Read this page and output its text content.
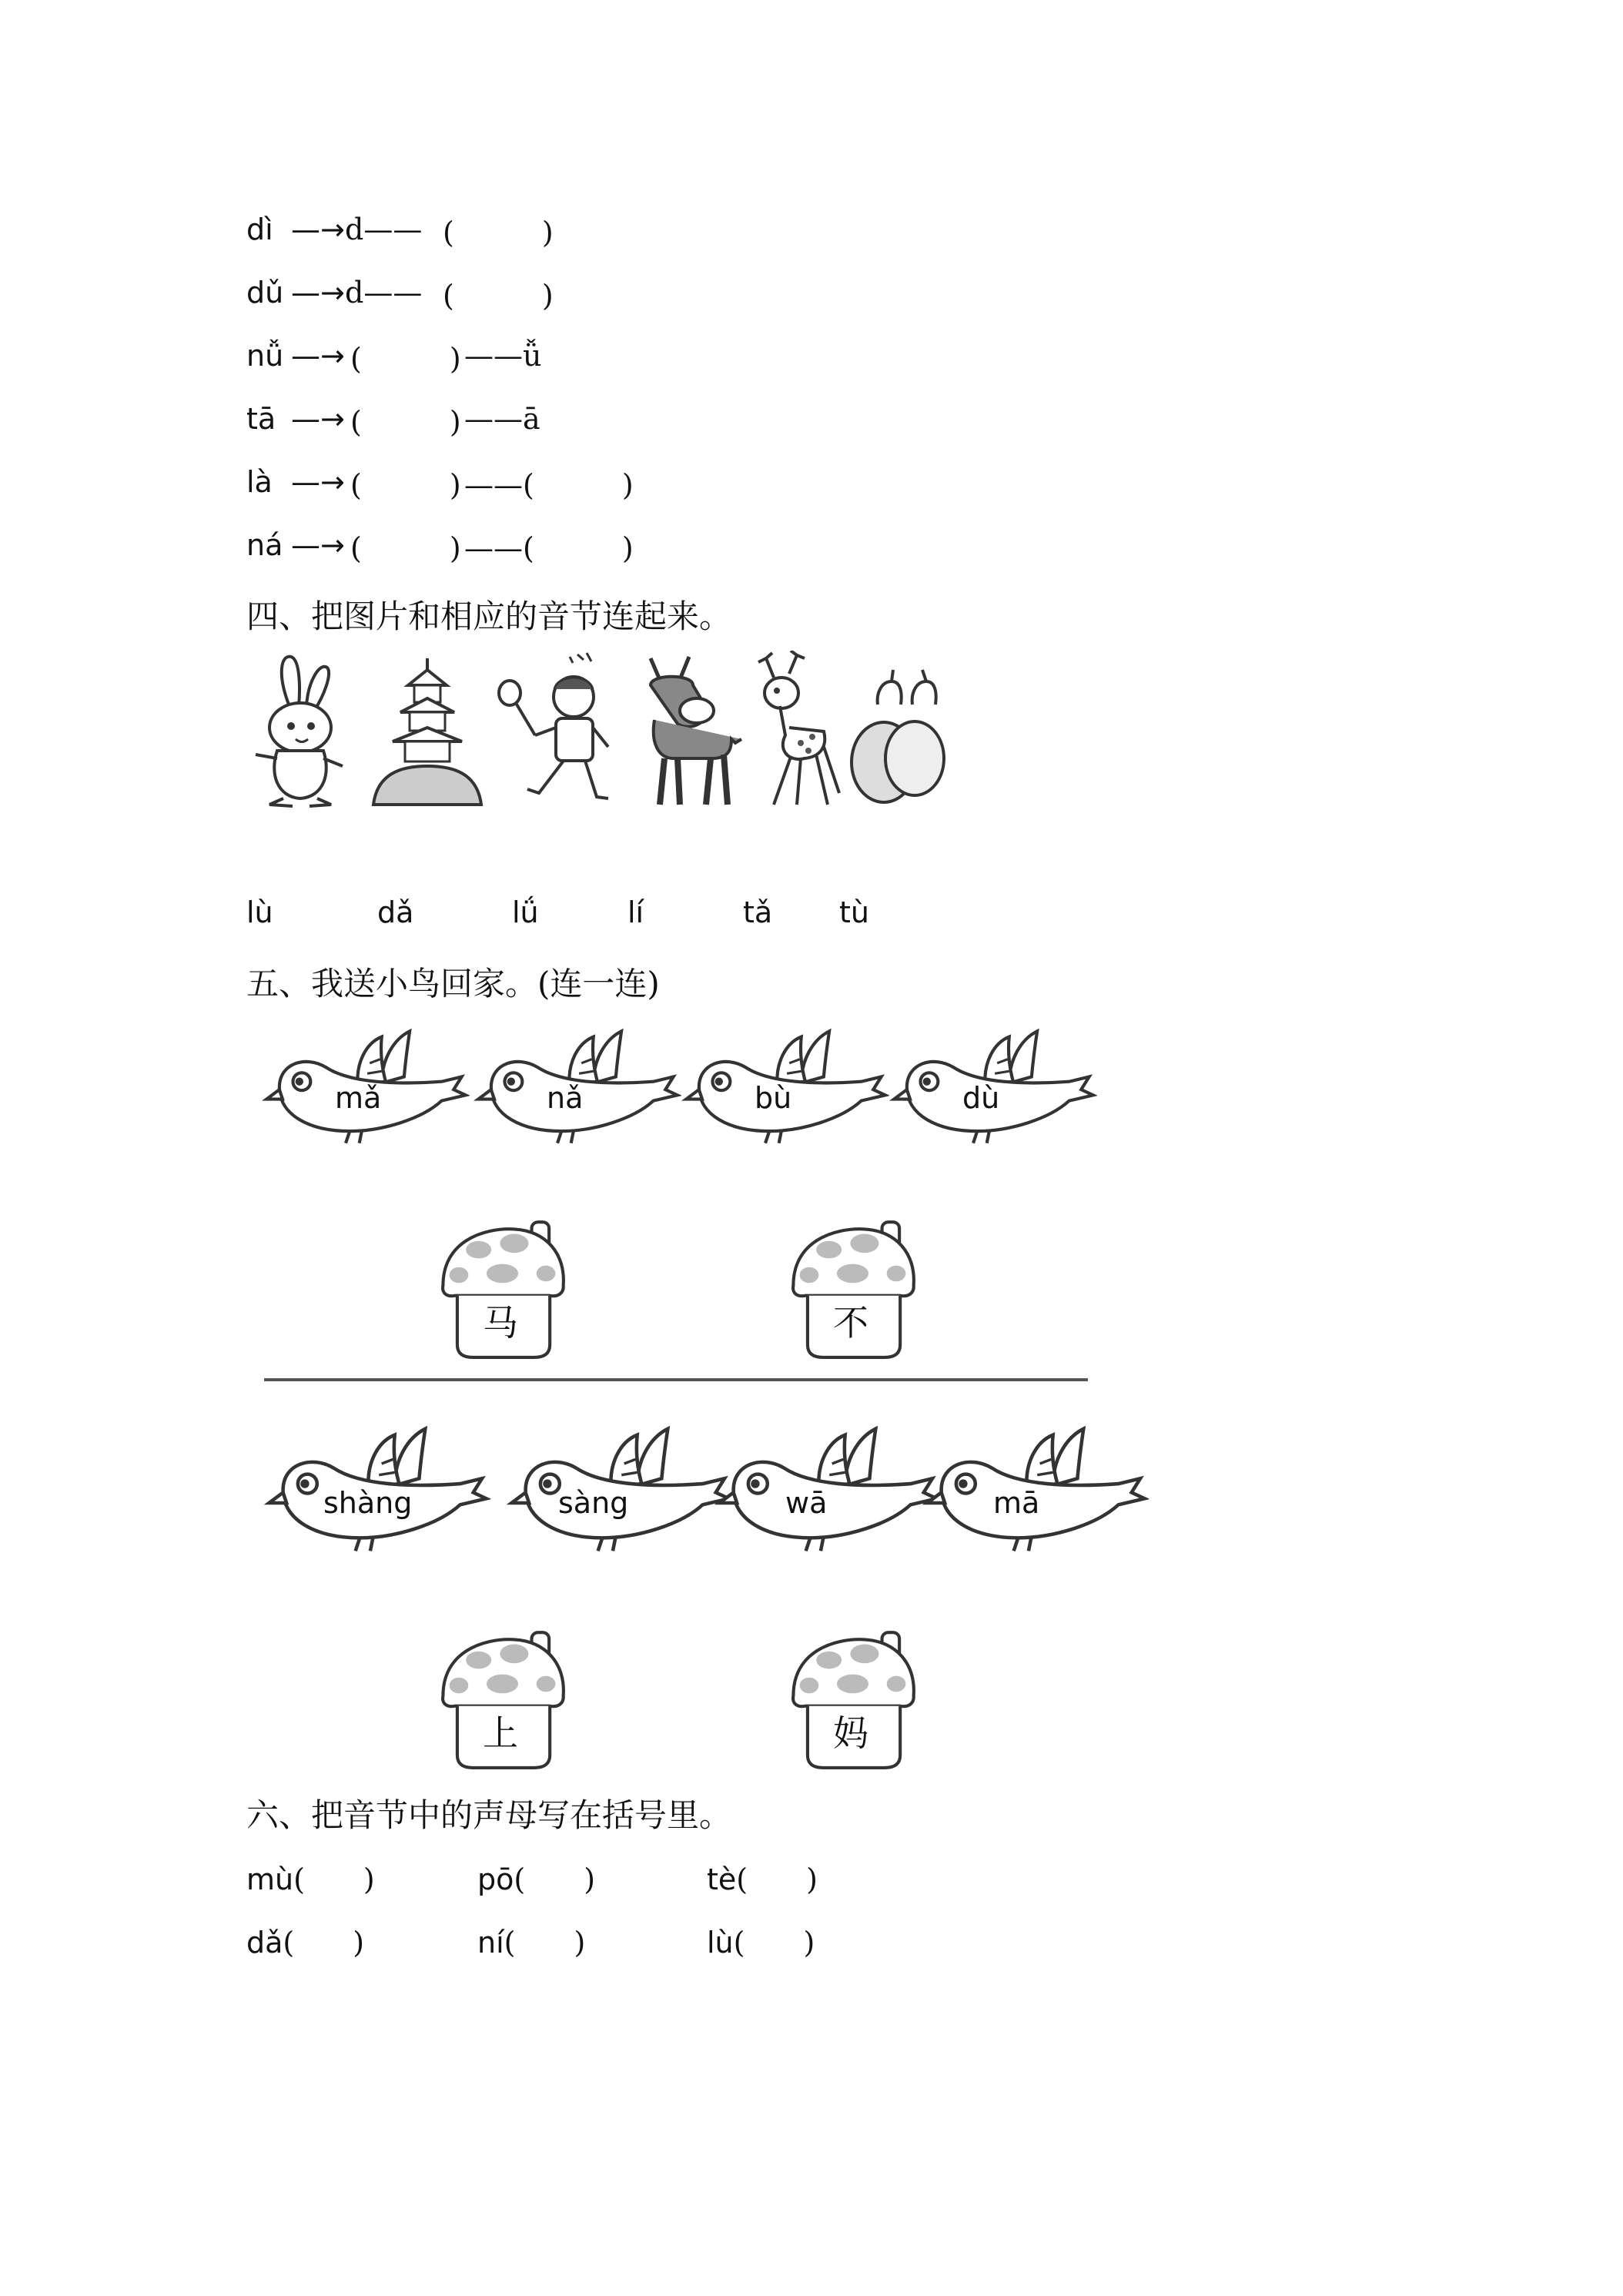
dì —→ d—— (　　　)
dǔ —→ d—— (　　　)
nǚ —→ (　　　) ——ǚ
tā —→ (　　　) ——ā
là —→ (　　　) ——(　　　)
ná —→ (　　　) ——(　　　)
四、把图片和相应的音节连起来。
lù	dǎ	lǘ	lí	tǎ tù
五、我送小鸟回家。(连一连)
mǎ	nǎ	bù	dù
马	不
shàng	sàng	wā	mā
上	妈
六、把音节中的声母写在括号里。
mù(　　)	pō(　　)	tè(　　)
dǎ(　　)	ní(　　)	lù(　　)
